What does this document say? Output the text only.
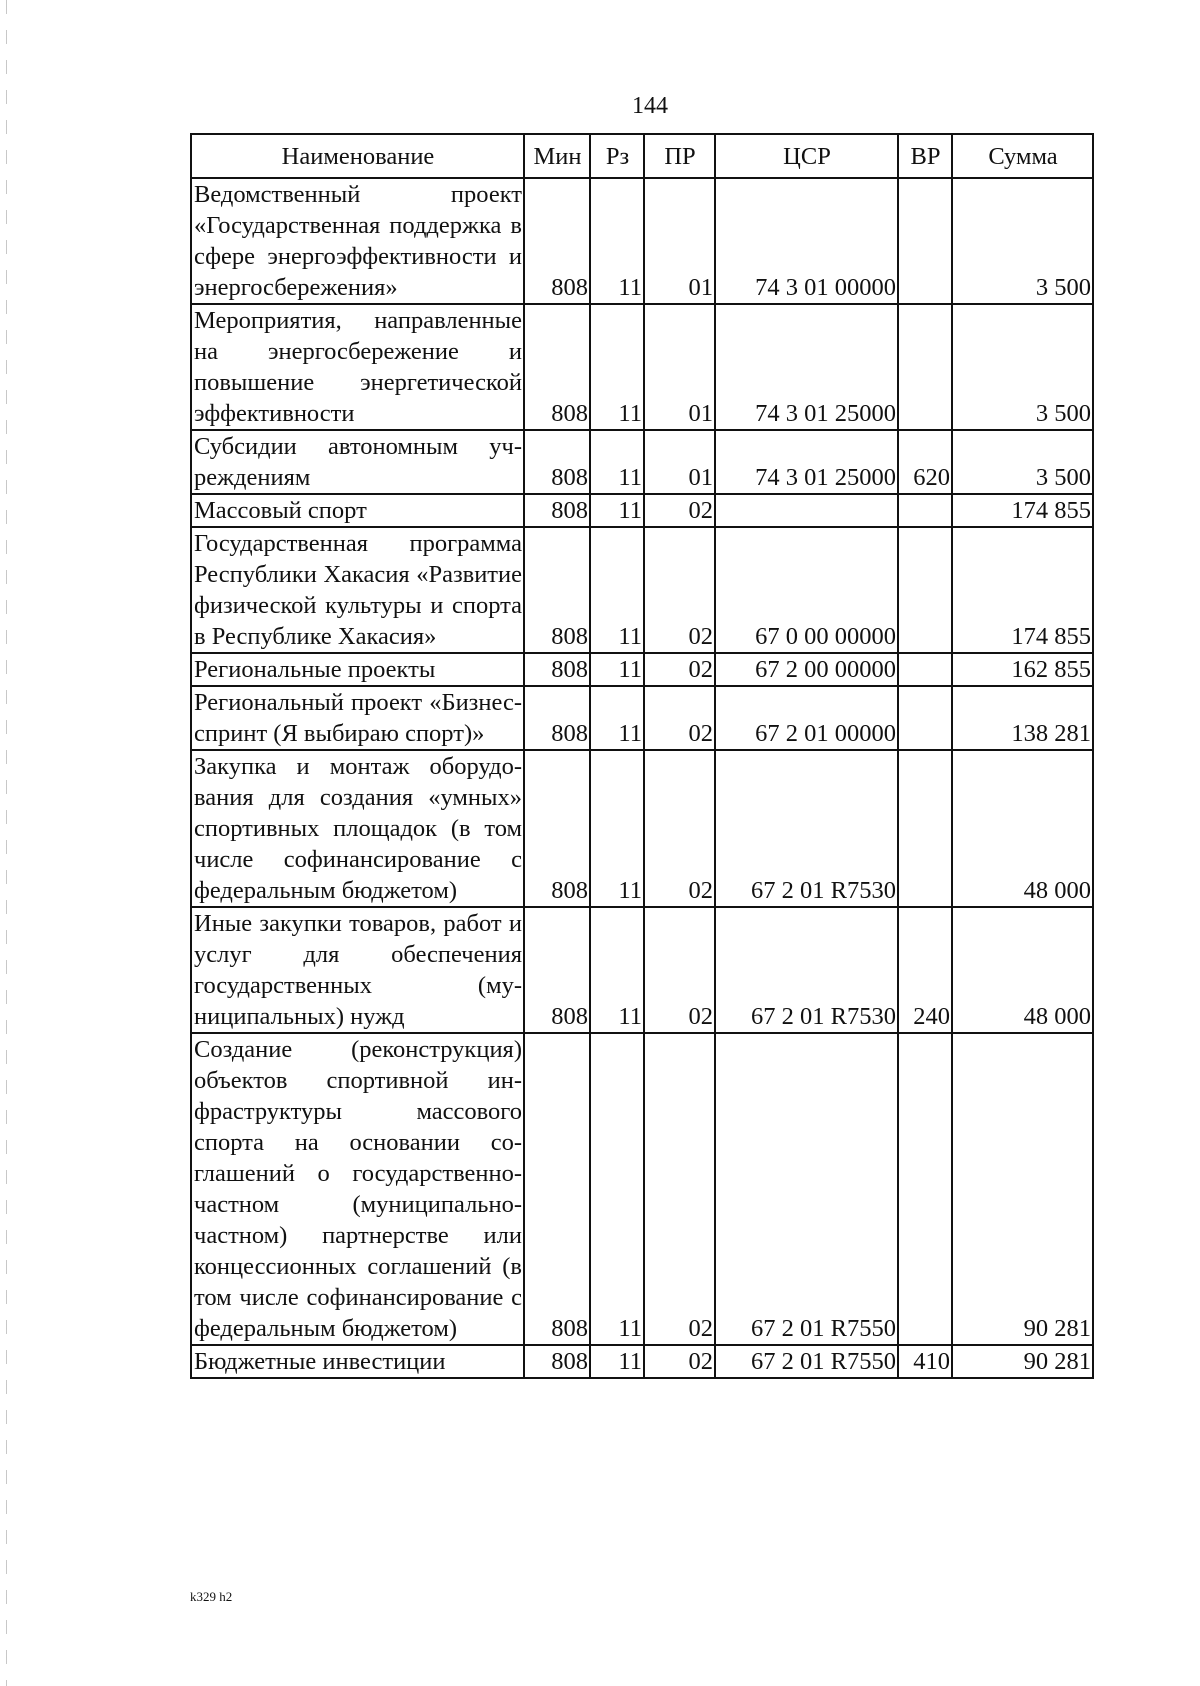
144
Наименование	Мин	Рз	ПР	ЦСР	ВР	Сумма
Ведомственный проект «Государственная поддержка в сфере энергоэффективности и энергосбережения»	808	11	01	74 3 01 00000		3 500
Мероприятия, направленные на энергосбережение и повышение энергетической эффективности	808	11	01	74 3 01 25000		3 500
Субсидии автономным учреждениям	808	11	01	74 3 01 25000	620	3 500
Массовый спорт	808	11	02			174 855
Государственная программа Республики Хакасия «Развитие физической культуры и спорта в Республике Хакасия»	808	11	02	67 0 00 00000		174 855
Региональные проекты	808	11	02	67 2 00 00000		162 855
Региональный проект «Бизнес-спринт (Я выбираю спорт)»	808	11	02	67 2 01 00000		138 281
Закупка и монтаж оборудования для создания «умных» спортивных площадок (в том числе софинансирование с федеральным бюджетом)	808	11	02	67 2 01 R7530		48 000
Иные закупки товаров, работ и услуг для обеспечения государственных (муниципальных) нужд	808	11	02	67 2 01 R7530	240	48 000
Создание (реконструкция) объектов спортивной инфраструктуры массового спорта на основании соглашений о государственно-частном (муниципально-частном) партнерстве или концессионных соглашений (в том числе софинансирование с федеральным бюджетом)	808	11	02	67 2 01 R7550		90 281
Бюджетные инвестиции	808	11	02	67 2 01 R7550	410	90 281
k329 h2
